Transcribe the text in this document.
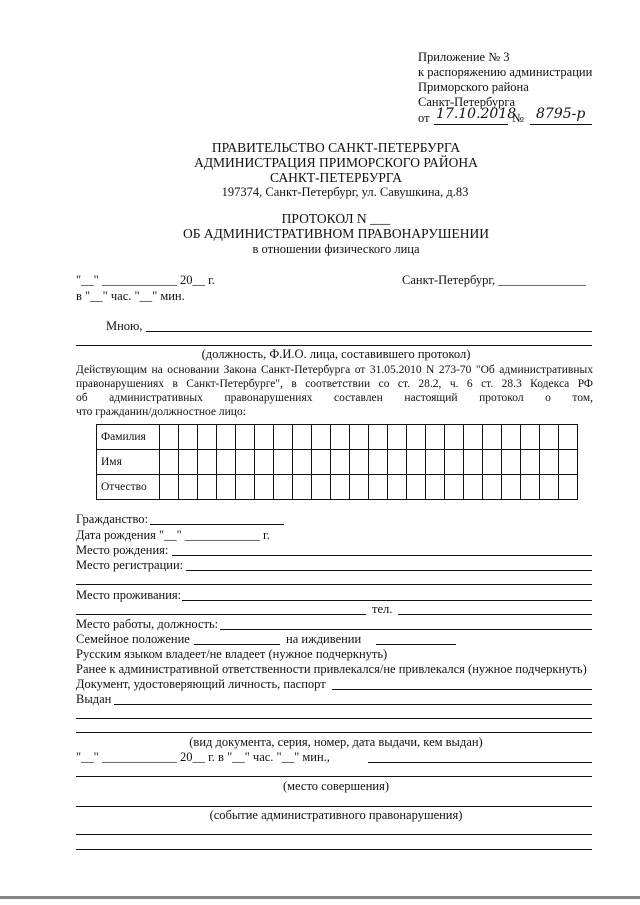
Приложение № 3
к распоряжению администрации
Приморского района
Санкт-Петербурга
от 17.10.2018
№ 8795-р
ПРАВИТЕЛЬСТВО САНКТ-ПЕТЕРБУРГА
АДМИНИСТРАЦИЯ ПРИМОРСКОГО РАЙОНА
САНКТ-ПЕТЕРБУРГА
197374, Санкт-Петербург, ул. Савушкина, д.83
ПРОТОКОЛ N ___
ОБ АДМИНИСТРАТИВНОМ ПРАВОНАРУШЕНИИ
в отношении физического лица
"__" ____________ 20__ г.	Санкт-Петербург, ______________
в "__" час. "__" мин.
Мною,
(должность, Ф.И.О. лица, составившего протокол)
Действующим на основании Закона Санкт-Петербурга от 31.05.2010 N 273-70 "Об административных
правонарушениях в Санкт-Петербурге", в соответствии со ст. 28.2, ч. 6 ст. 28.3 Кодекса РФ
об административных правонарушениях составлен настоящий протокол о том,
что гражданин/должностное лицо:
Фамилия																						
Имя																						
Отчество																						
Гражданство:
Дата рождения "__" ____________ г.
Место рождения:
Место регистрации:
Место проживания:
тел.
Место работы, должность:
Семейное положение	на иждивении
Русским языком владеет/не владеет (нужное подчеркнуть)
Ранее к административной ответственности привлекался/не привлекался (нужное подчеркнуть)
Документ, удостоверяющий личность, паспорт
Выдан
(вид документа, серия, номер, дата выдачи, кем выдан)
"__" ____________ 20__ г. в "__" час. "__" мин.,
(место совершения)
(событие административного правонарушения)
